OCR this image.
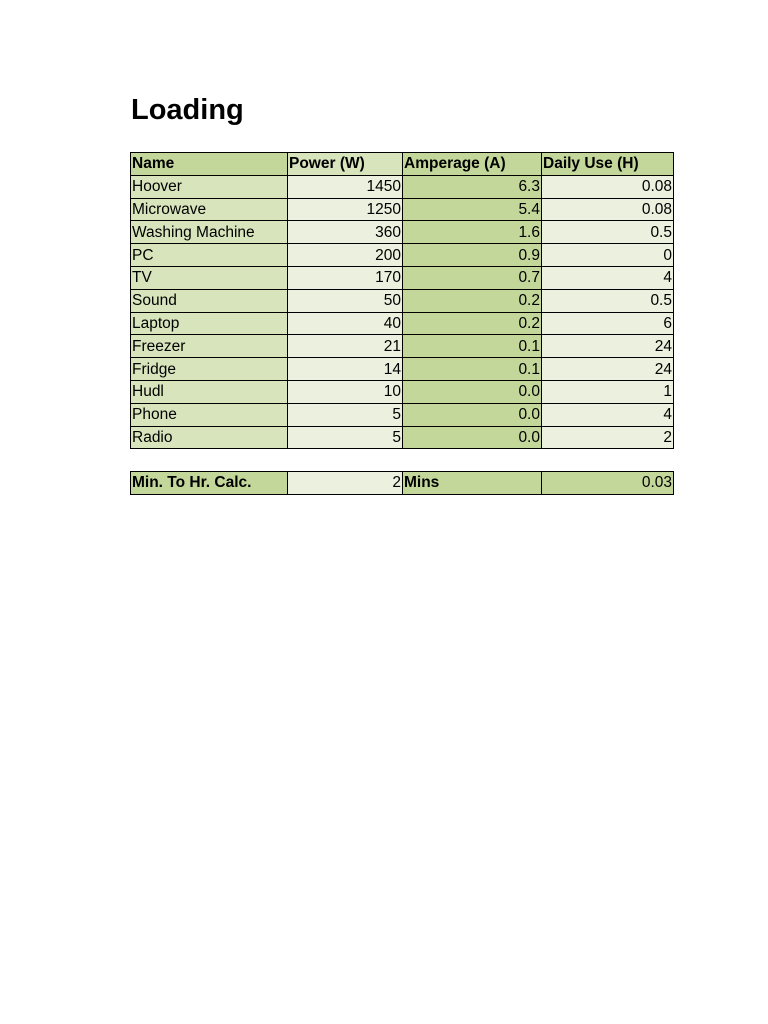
Loading
Name	Power (W)	Amperage (A)	Daily Use (H)
Hoover	1450	6.3	0.08
Microwave	1250	5.4	0.08
Washing Machine	360	1.6	0.5
PC	200	0.9	0
TV	170	0.7	4
Sound	50	0.2	0.5
Laptop	40	0.2	6
Freezer	21	0.1	24
Fridge	14	0.1	24
Hudl	10	0.0	1
Phone	5	0.0	4
Radio	5	0.0	2
Min. To Hr. Calc.	2	Mins	0.03
